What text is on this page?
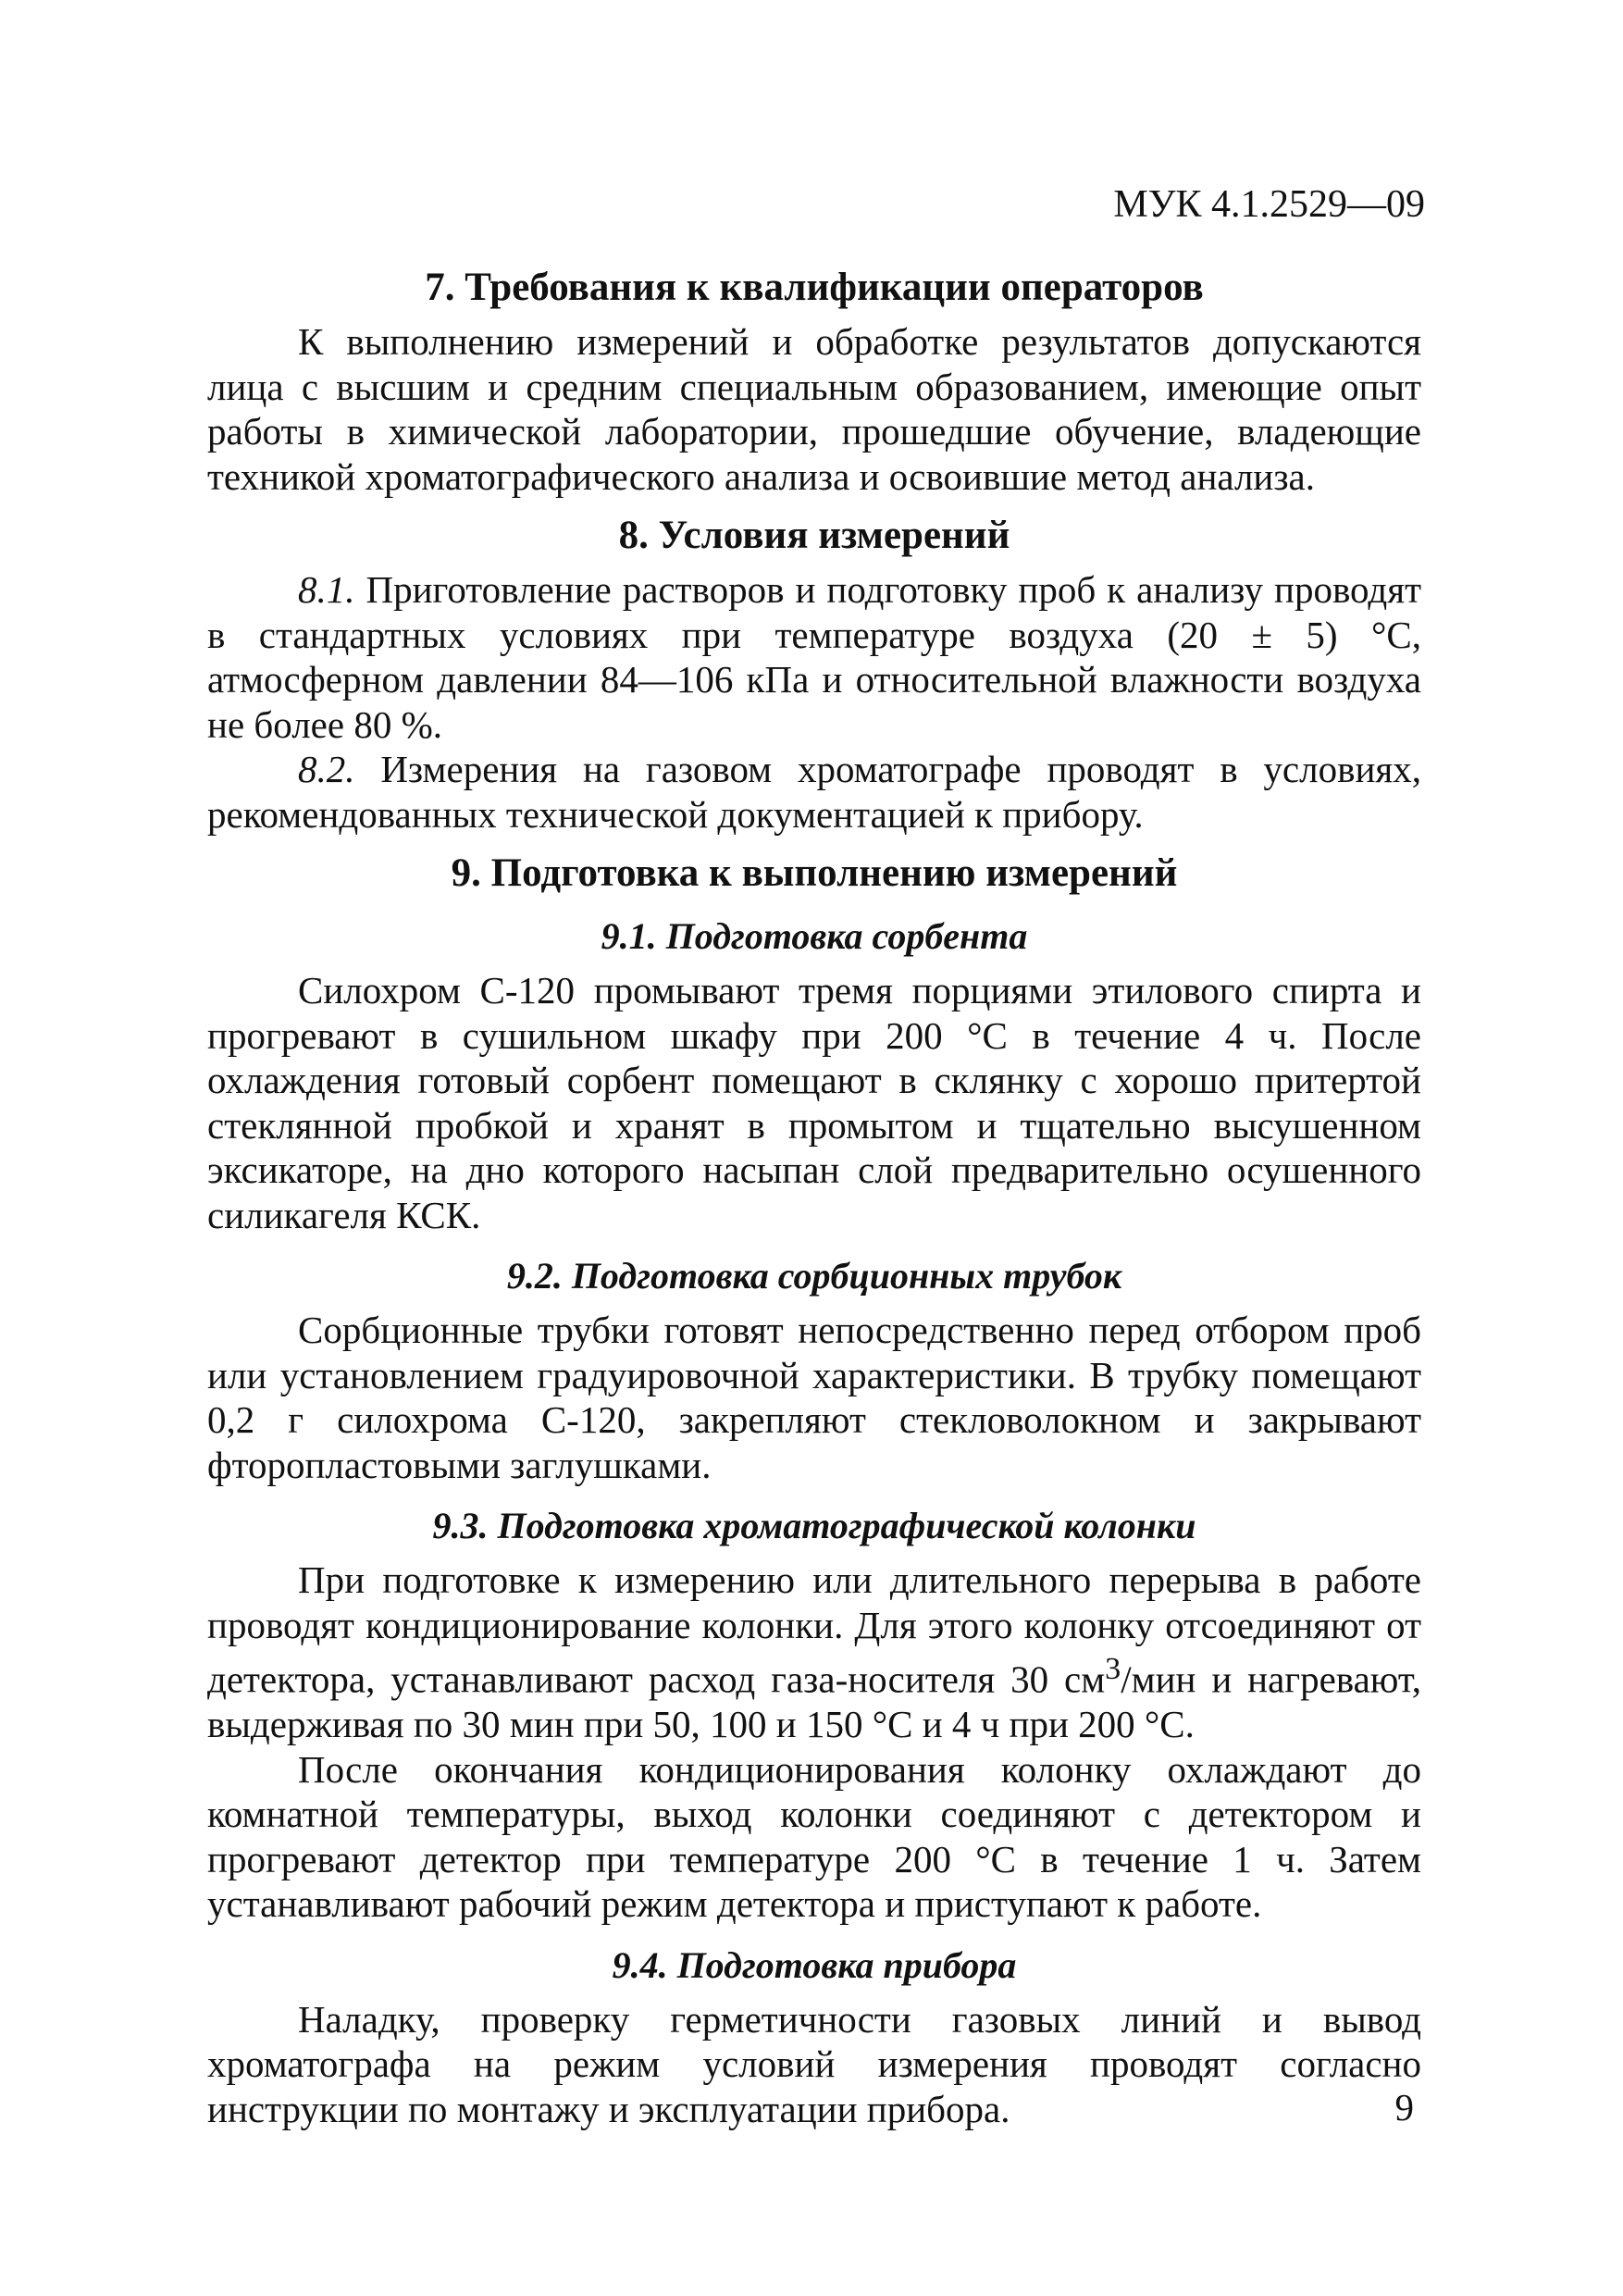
МУК 4.1.2529—09
7. Требования к квалификации операторов

К выполнению измерений и обработке результатов допускаются лица с высшим и средним специальным образованием, имеющие опыт работы в химической лаборатории, прошедшие обучение, владеющие техникой хроматографического анализа и освоившие метод анализа.

8. Условия измерений

8.1. Приготовление растворов и подготовку проб к анализу проводят в стандартных условиях при температуре воздуха (20 ± 5) °С, атмосферном давлении 84—106 кПа и относительной влажности воздуха не более 80 %.

8.2. Измерения на газовом хроматографе проводят в условиях, рекомендованных технической документацией к прибору.

9. Подготовка к выполнению измерений
9.1. Подготовка сорбента

Силохром С-120 промывают тремя порциями этилового спирта и прогревают в сушильном шкафу при 200 °С в течение 4 ч. После охлаждения готовый сорбент помещают в склянку с хорошо притертой стеклянной пробкой и хранят в промытом и тщательно высушенном эксикаторе, на дно которого насыпан слой предварительно осушенного силикагеля КСК.

9.2. Подготовка сорбционных трубок

Сорбционные трубки готовят непосредственно перед отбором проб или установлением градуировочной характеристики. В трубку помещают 0,2 г силохрома С-120, закрепляют стекловолокном и закрывают фторопластовыми заглушками.

9.3. Подготовка хроматографической колонки

При подготовке к измерению или длительного перерыва в работе проводят кондиционирование колонки. Для этого колонку отсоединяют от детектора, устанавливают расход газа-носителя 30 $см^3$/мин и нагревают, выдерживая по 30 мин при 50, 100 и 150 °С и 4 ч при 200 °С.

После окончания кондиционирования колонку охлаждают до комнатной температуры, выход колонки соединяют с детектором и прогревают детектор при температуре 200 °С в течение 1 ч. Затем устанавливают рабочий режим детектора и приступают к работе.

9.4. Подготовка прибора

Наладку, проверку герметичности газовых линий и вывод хроматографа на режим условий измерения проводят согласно инструкции по монтажу и эксплуатации прибора.	9
